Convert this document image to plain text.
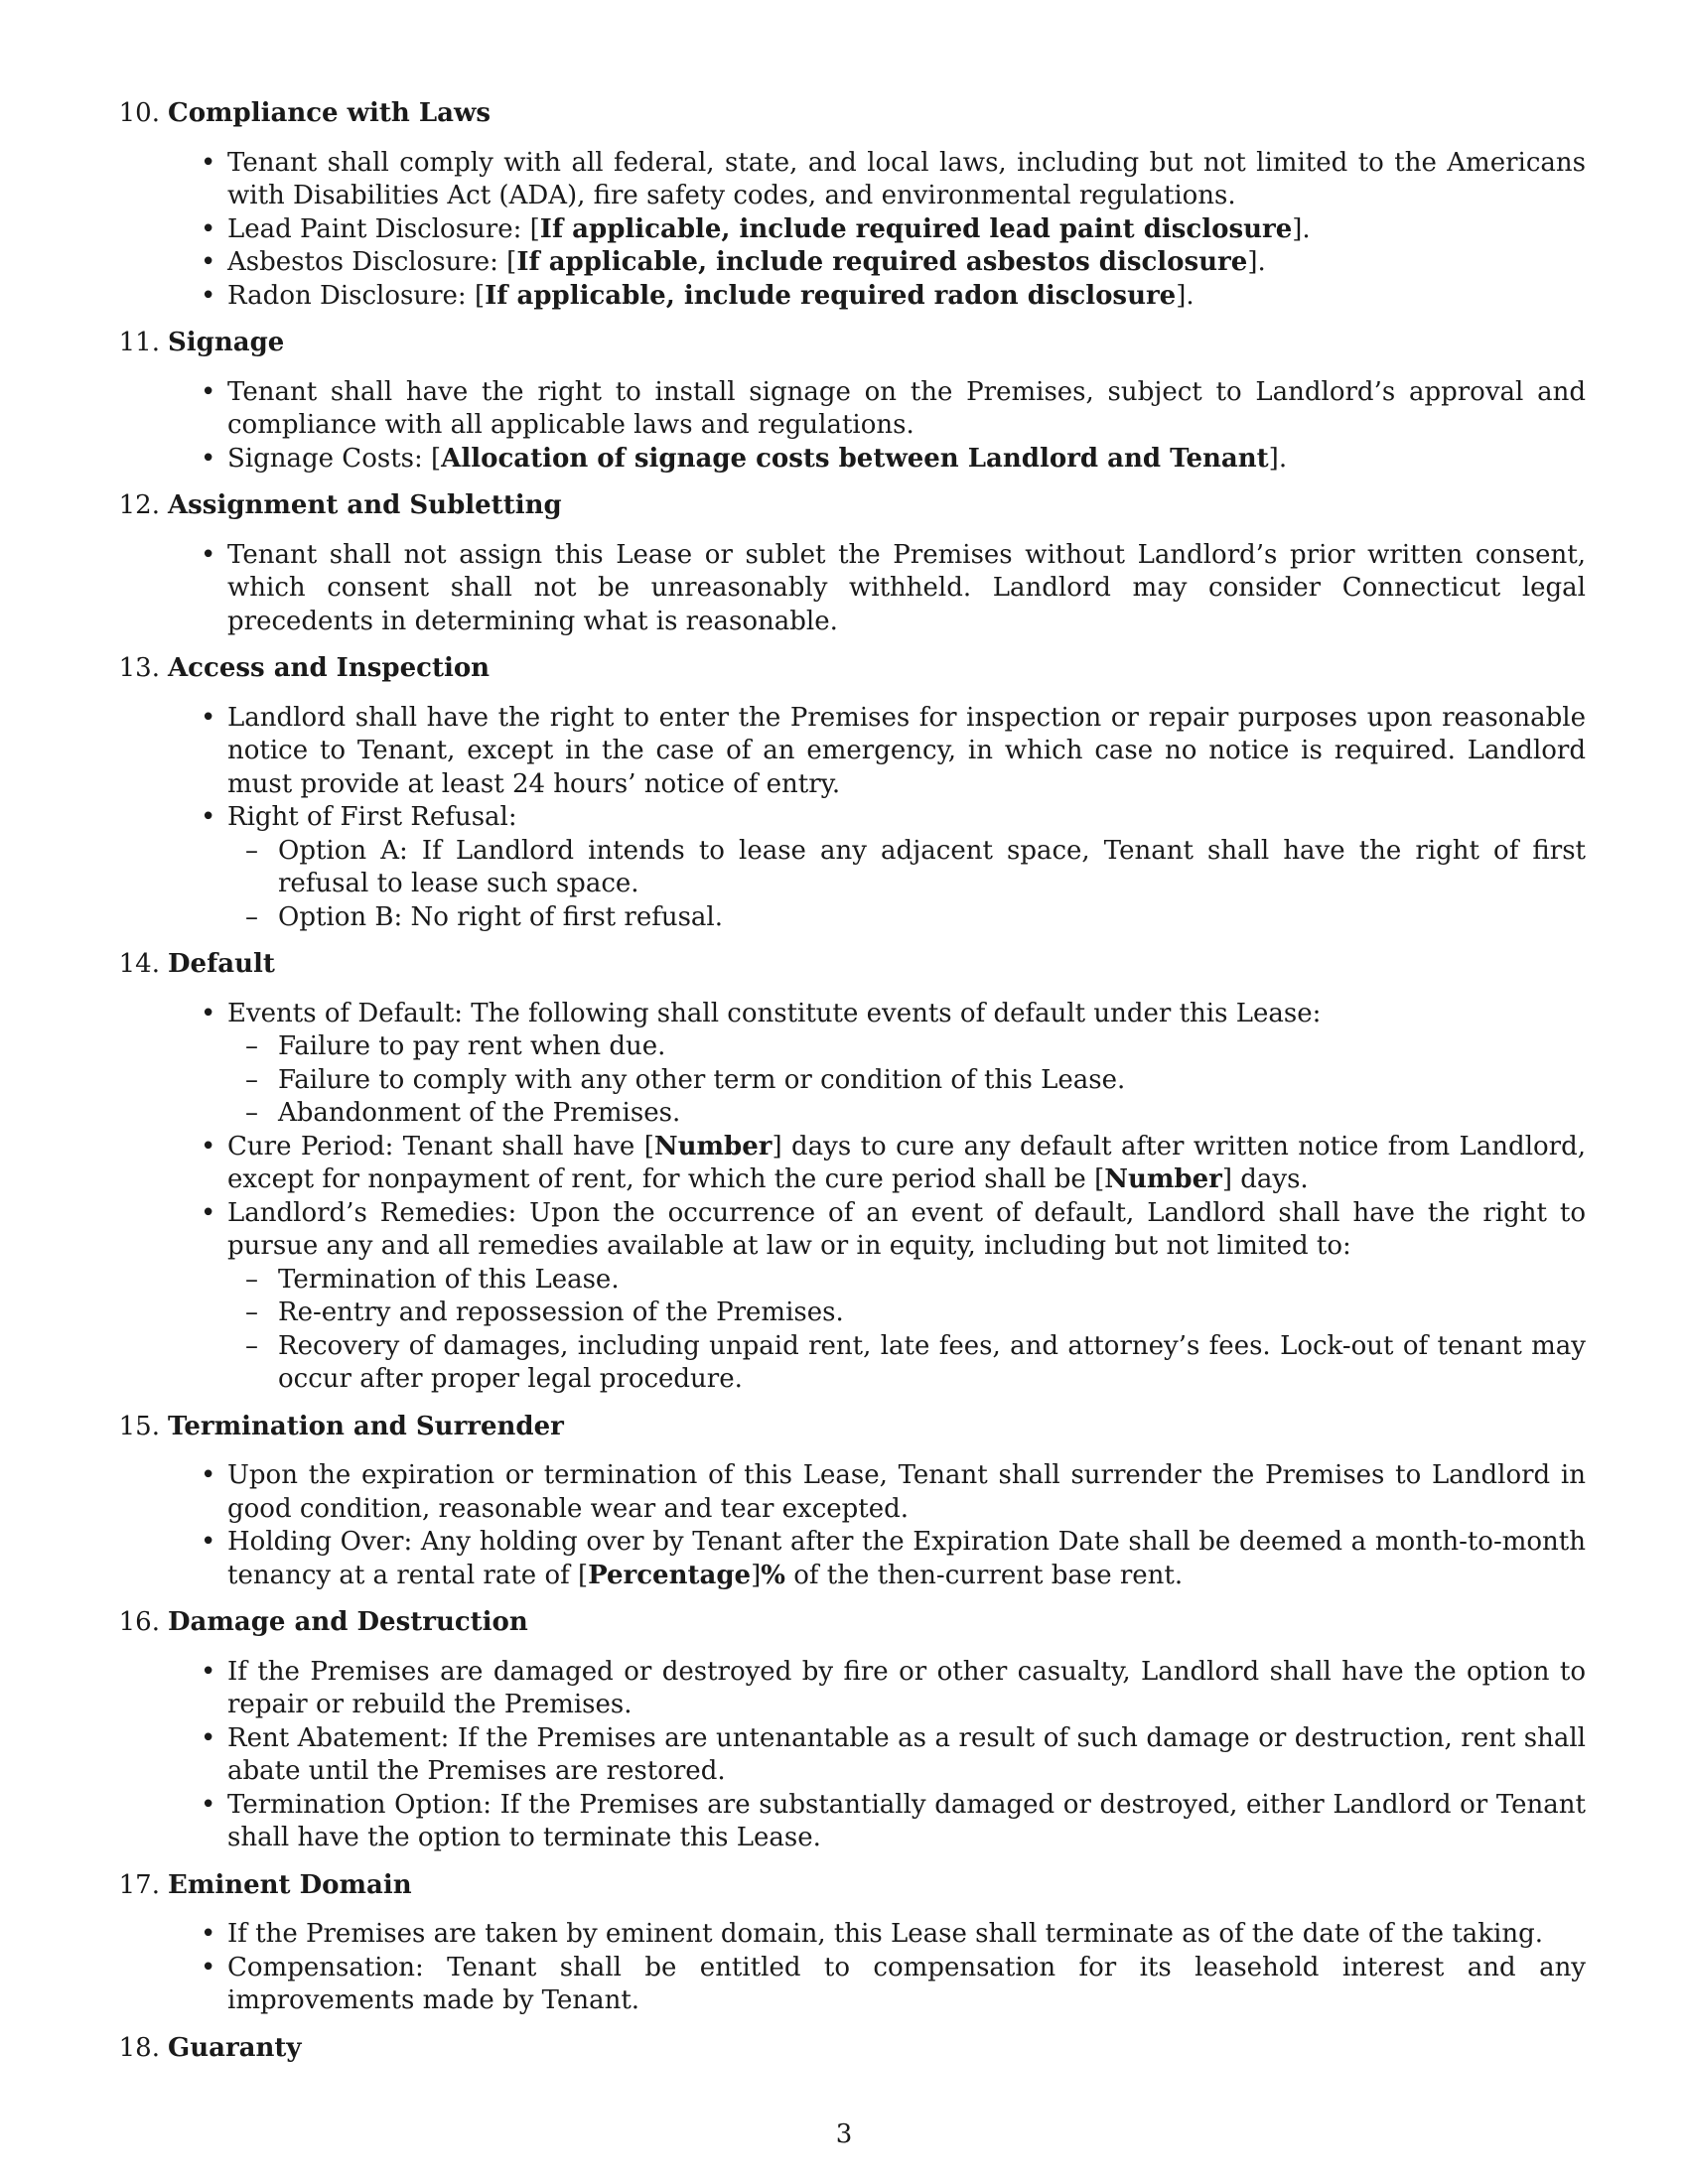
10. Compliance with Laws
• Tenant shall comply with all federal, state, and local laws, including but not limited to the Americans with Disabilities Act (ADA), fire safety codes, and environmental regulations.
• Lead Paint Disclosure: [If applicable, include required lead paint disclosure].
• Asbestos Disclosure: [If applicable, include required asbestos disclosure].
• Radon Disclosure: [If applicable, include required radon disclosure].
11. Signage
• Tenant shall have the right to install signage on the Premises, subject to Landlord’s approval and compliance with all applicable laws and regulations.
• Signage Costs: [Allocation of signage costs between Landlord and Tenant].
12. Assignment and Subletting
• Tenant shall not assign this Lease or sublet the Premises without Landlord’s prior written consent, which consent shall not be unreasonably withheld. Landlord may consider Connecticut legal precedents in determining what is reasonable.
13. Access and Inspection
• Landlord shall have the right to enter the Premises for inspection or repair purposes upon reasonable notice to Tenant, except in the case of an emergency, in which case no notice is required. Landlord must provide at least 24 hours’ notice of entry.
• Right of First Refusal:
– Option A: If Landlord intends to lease any adjacent space, Tenant shall have the right of first refusal to lease such space.
– Option B: No right of first refusal.
14. Default
• Events of Default: The following shall constitute events of default under this Lease:
– Failure to pay rent when due.
– Failure to comply with any other term or condition of this Lease.
– Abandonment of the Premises.
• Cure Period: Tenant shall have [Number] days to cure any default after written notice from Landlord, except for nonpayment of rent, for which the cure period shall be [Number] days.
• Landlord’s Remedies: Upon the occurrence of an event of default, Landlord shall have the right to pursue any and all remedies available at law or in equity, including but not limited to:
– Termination of this Lease.
– Re-entry and repossession of the Premises.
– Recovery of damages, including unpaid rent, late fees, and attorney’s fees. Lock-out of tenant may occur after proper legal procedure.
15. Termination and Surrender
• Upon the expiration or termination of this Lease, Tenant shall surrender the Premises to Landlord in good condition, reasonable wear and tear excepted.
• Holding Over: Any holding over by Tenant after the Expiration Date shall be deemed a month-to-month tenancy at a rental rate of [Percentage]% of the then-current base rent.
16. Damage and Destruction
• If the Premises are damaged or destroyed by fire or other casualty, Landlord shall have the option to repair or rebuild the Premises.
• Rent Abatement: If the Premises are untenantable as a result of such damage or destruction, rent shall abate until the Premises are restored.
• Termination Option: If the Premises are substantially damaged or destroyed, either Landlord or Tenant shall have the option to terminate this Lease.
17. Eminent Domain
• If the Premises are taken by eminent domain, this Lease shall terminate as of the date of the taking.
• Compensation: Tenant shall be entitled to compensation for its leasehold interest and any improvements made by Tenant.
18. Guaranty
3
